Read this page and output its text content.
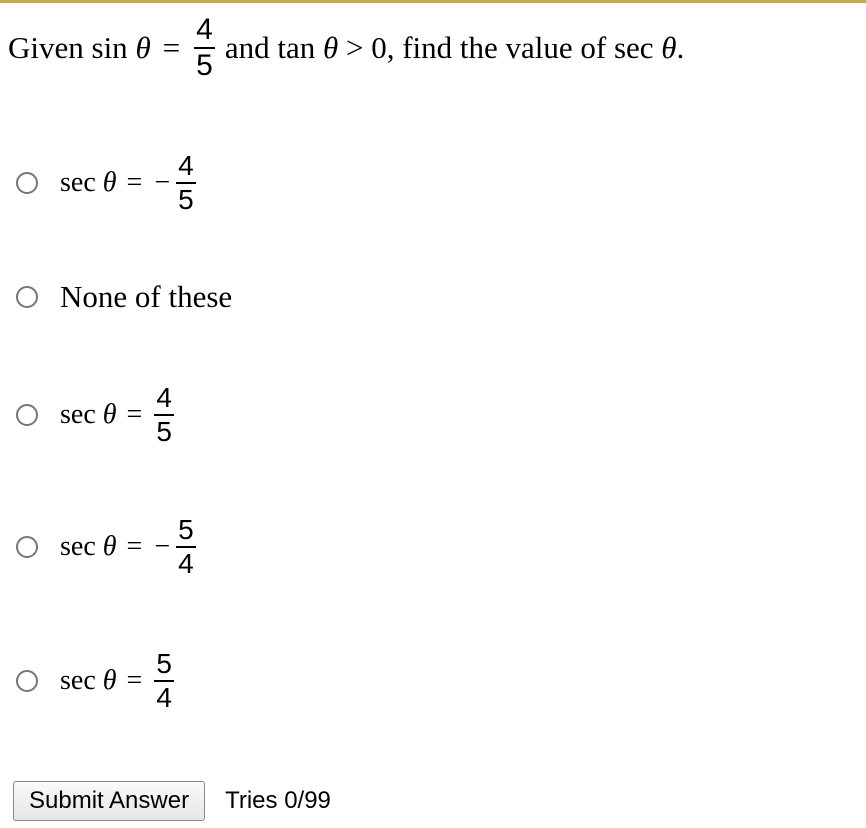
Given sin
$\theta = \frac{4}{5}$ and tan
θ
> 0, find the value of sec
θ .
sec
θ = − $\frac{4}{5}$
None of these
sec
$\theta = \frac{4}{5}$
sec
θ = − $\frac{5}{4}$
sec
$\theta = \frac{5}{4}$
Submit Answer	Tries 0/99
